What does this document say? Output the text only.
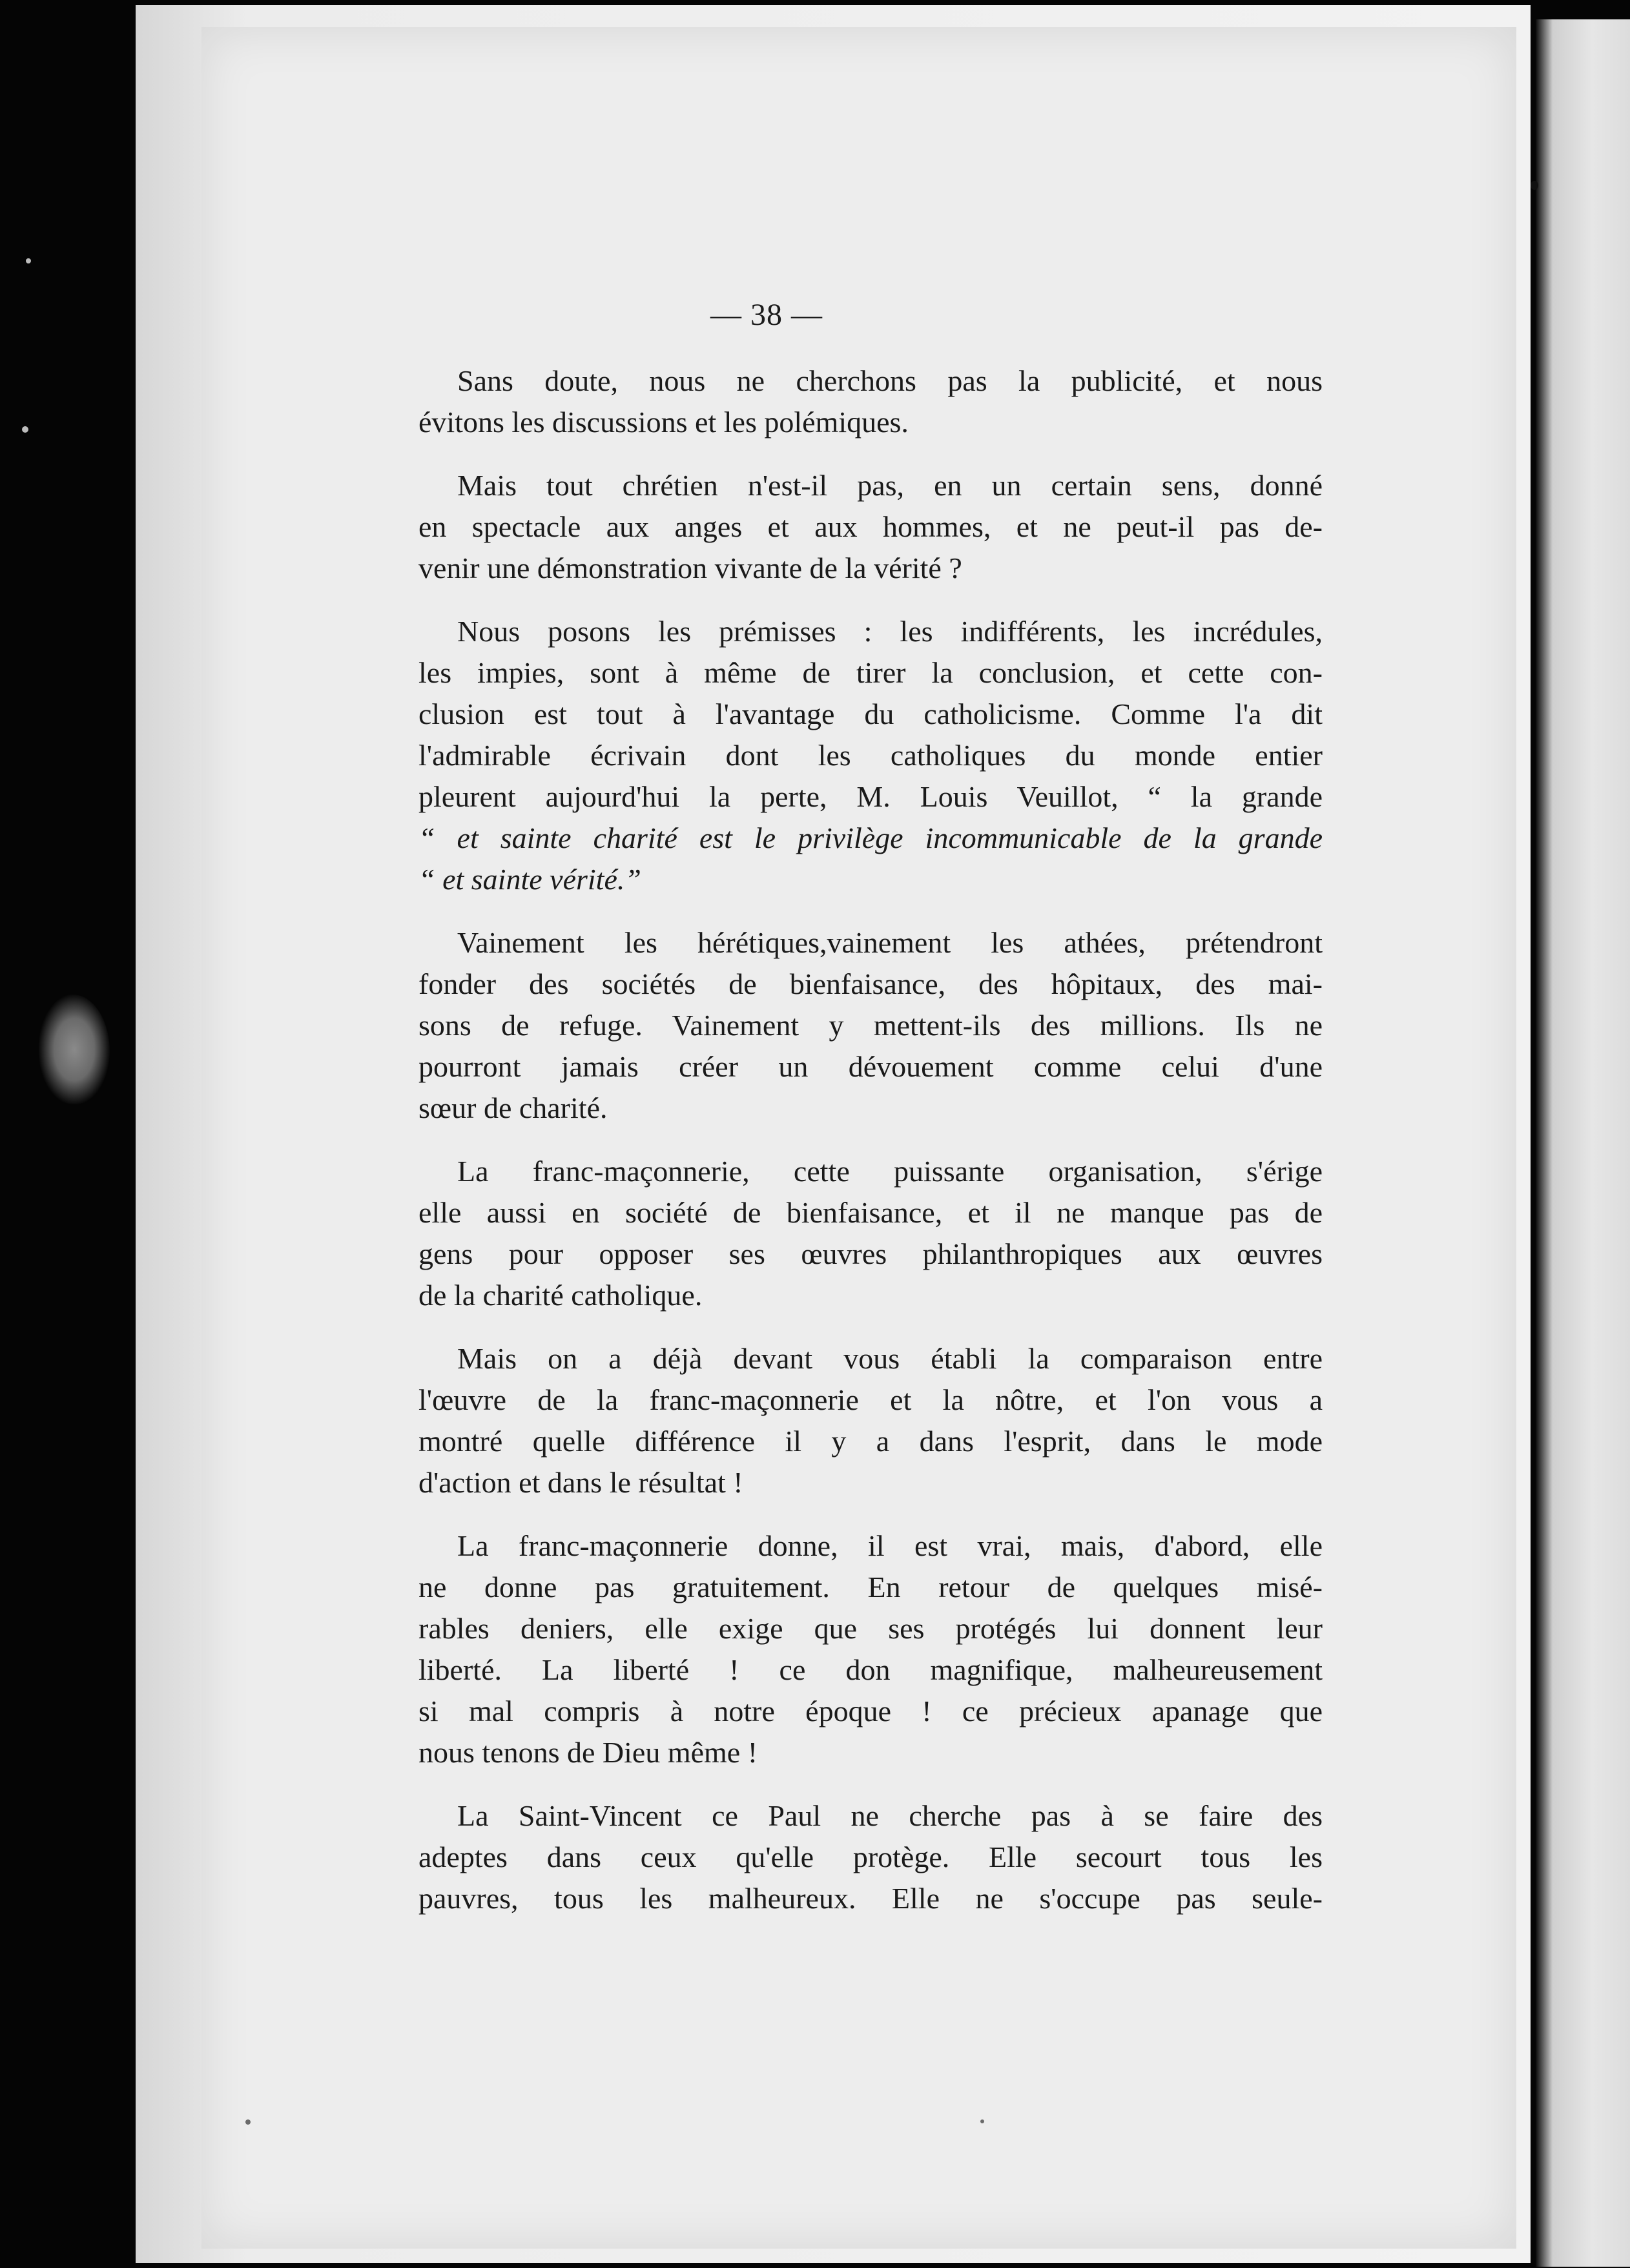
— 38 —
Sans doute, nous ne cherchons pas la publicité, et nous
évitons les discussions et les polémiques.
Mais tout chrétien n'est-il pas, en un certain sens, donné
en spectacle aux anges et aux hommes, et ne peut-il pas de-
venir une démonstration vivante de la vérité ?
Nous posons les prémisses : les indifférents, les incrédules,
les impies, sont à même de tirer la conclusion, et cette con-
clusion est tout à l'avantage du catholicisme. Comme l'a dit
l'admirable écrivain dont les catholiques du monde entier
pleurent aujourd'hui la perte, M. Louis Veuillot, “ la grande
“ et sainte charité est le privilège incommunicable de la grande
“ et sainte vérité.”
Vainement les hérétiques,vainement les athées, prétendront
fonder des sociétés de bienfaisance, des hôpitaux, des mai-
sons de refuge. Vainement y mettent-ils des millions. Ils ne
pourront jamais créer un dévouement comme celui d'une
sœur de charité.
La franc-maçonnerie, cette puissante organisation, s'érige
elle aussi en société de bienfaisance, et il ne manque pas de
gens pour opposer ses œuvres philanthropiques aux œuvres
de la charité catholique.
Mais on a déjà devant vous établi la comparaison entre
l'œuvre de la franc-maçonnerie et la nôtre, et l'on vous a
montré quelle différence il y a dans l'esprit, dans le mode
d'action et dans le résultat !
La franc-maçonnerie donne, il est vrai, mais, d'abord, elle
ne donne pas gratuitement. En retour de quelques misé-
rables deniers, elle exige que ses protégés lui donnent leur
liberté. La liberté ! ce don magnifique, malheureusement
si mal compris à notre époque ! ce précieux apanage que
nous tenons de Dieu même !
La Saint-Vincent ce Paul ne cherche pas à se faire des
adeptes dans ceux qu'elle protège. Elle secourt tous les
pauvres, tous les malheureux. Elle ne s'occupe pas seule-
